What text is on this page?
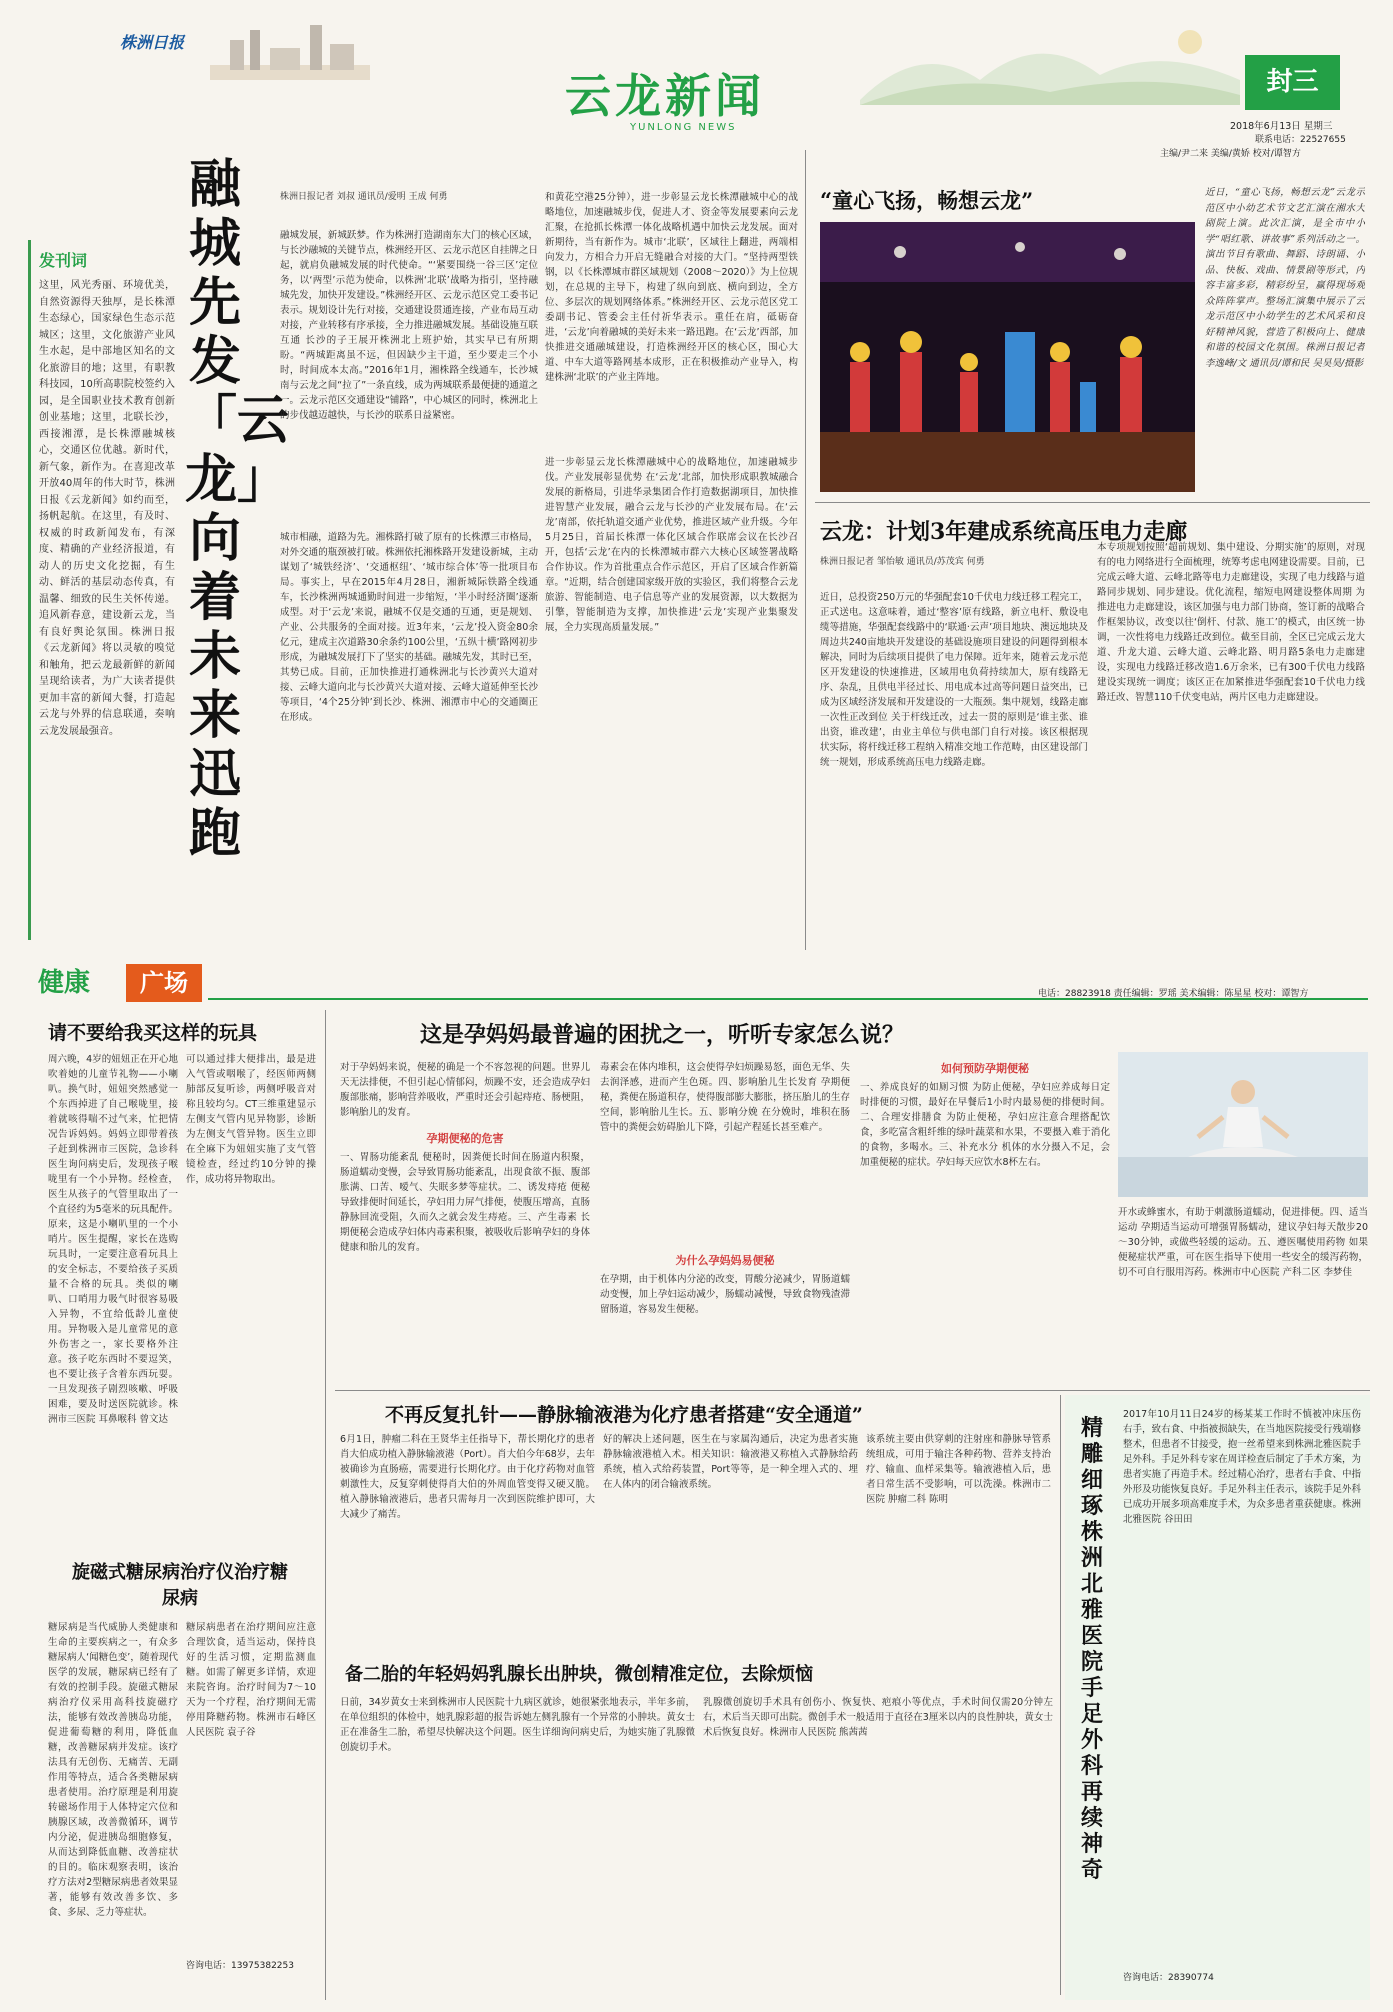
株洲日报
云龙新闻
YUNLONG NEWS
封三
2018年6月13日 星期三
联系电话：22527655
主编/尹二来 美编/黄娇 校对/谭智方
融城先发「云龙」向着未来迅跑
发刊词
这里，风光秀丽、环境优美，自然资源得天独厚，是长株潭生态绿心，国家绿色生态示范城区；这里，文化旅游产业风生水起，是中部地区知名的文化旅游目的地；这里，有职教科技园，10所高职院校签约入园，是全国职业技术教育创新创业基地；这里，北联长沙，西接湘潭，是长株潭融城核心，交通区位优越。新时代，新气象，新作为。在喜迎改革开放40周年的伟大时节，株洲日报《云龙新闻》如约而至，扬帆起航。在这里，有及时、权威的时政新闻发布，有深度、精确的产业经济报道，有动人的历史文化挖掘，有生动、鲜活的基层动态传真，有温馨、细致的民生关怀传递。追风新春意，建设新云龙，当有良好舆论氛围。株洲日报《云龙新闻》将以灵敏的嗅觉和触角，把云龙最新鲜的新闻呈现给读者，为广大读者提供更加丰富的新闻大餐，打造起云龙与外界的信息联通，奏响云龙发展最强音。
株洲日报记者 刘叔 通讯员/爱明 王成 何勇
融城发展，新城跃梦。作为株洲打造湖南东大门的核心区域，与长沙融城的关键节点，株洲经开区、云龙示范区自挂牌之日起，就肩负融城发展的时代使命。“‘紧要围绕一谷三区’定位务，以‘两型’示范为使命，以株洲‘北联’战略为指引，坚持融城先发，加快开发建设。”株洲经开区、云龙示范区党工委书记表示。规划设计先行对接，交通建设贯通连接，产业布局互动对接，产业转移有序承接，全力推进融城发展。基础设施互联互通 长沙的子王展开株洲北上班护始，其实早已有所期盼。“两城距离虽不远，但因缺少主干道，至少要走三个小时，时间成本太高。”2016年1月，湘株路全线通车，长沙城南与云龙之间“拉了”一条直线，成为两城联系最便捷的通道之一。云龙示范区交通建设“铺路”，中心城区的同时，株洲北上的步伐越迈越快，与长沙的联系日益紧密。
城市相融，道路为先。湘株路打破了原有的长株潭三市格局，对外交通的瓶颈被打破。株洲依托湘株路开发建设新城，主动谋划了‘城铁经济’、‘交通枢纽’、‘城市综合体’等一批项目布局。事实上，早在2015年4月28日，湘新城际铁路全线通车，长沙株洲两城通勤时间进一步缩短，‘半小时经济圈’逐渐成型。对于‘云龙’来说，融城不仅是交通的互通，更是规划、产业、公共服务的全面对接。近3年来，‘云龙’投入资金80余亿元，建成主次道路30余条约100公里，‘五纵十横’路网初步形成，为融城发展打下了坚实的基础。融城先发，其时已至，其势已成。目前，正加快推进打通株洲北与长沙黄兴大道对接、云峰大道向北与长沙黄兴大道对接、云峰大道延伸至长沙等项目，‘4个25分钟’到长沙、株洲、湘潭市中心的交通圈正在形成。
和黄花空港25分钟），进一步彰显云龙长株潭融城中心的战略地位，加速融城步伐，促进人才、资金等发展要素向云龙汇聚，在抢抓长株潭一体化战略机遇中加快云龙发展。面对新期待，当有新作为。城市‘北联’，区域往上翻进，两端相向发力，方相合力开启无缝融合对接的大门。“坚持两型铁钢，以《长株潭城市群区域规划（2008～2020）》为上位规划，在总规的主导下，构建了纵向到底、横向到边，全方位、多层次的规划网络体系。”株洲经开区、云龙示范区党工委副书记、管委会主任付祈华表示。重任在肩，砥砺奋进，‘云龙’向着融城的美好未来一路迅跑。在‘云龙’西部，加快推进交通融城建设，打造株洲经开区的核心区，围心大道、中车大道等路网基本成形，正在积极推动产业导入，构建株洲‘北联’的产业主阵地。
进一步彰显云龙长株潭融城中心的战略地位，加速融城步伐。产业发展彰显优势 在‘云龙’北部，加快形成职教城融合发展的新格局，引进华录集团合作打造数据湖项目，加快推进智慧产业发展，融合云龙与长沙的产业发展布局。在‘云龙’南部，依托轨道交通产业优势，推进区域产业升级。今年5月25日，首届长株潭一体化区域合作联席会议在长沙召开，包括‘云龙’在内的长株潭城市群六大核心区域签署战略合作协议。作为首批重点合作示范区，开启了区域合作新篇章。“近期，结合创建国家级开放的实验区，我们将整合云龙旅游、智能制造、电子信息等产业的发展资源，以大数据为引擎，智能制造为支撑，加快推进‘云龙’实现产业集聚发展，全力实现高质量发展。”
“童心飞扬，畅想云龙”	近日，“童心飞扬，畅想云龙”云龙示范区中小幼艺术节文艺汇演在湘水大剧院上演。此次汇演，是全市中小学“唱红歌、讲故事”系列活动之一。演出节目有歌曲、舞蹈、诗朗诵、小品、快板、戏曲、情景剧等形式，内容丰富多彩，精彩纷呈，赢得现场观众阵阵掌声。整场汇演集中展示了云龙示范区中小幼学生的艺术风采和良好精神风貌，营造了积极向上、健康和谐的校园文化氛围。株洲日报记者 李逸峰/文 通讯员/谭和民 吴昊昊/摄影
云龙：计划3年建成系统高压电力走廊
株洲日报记者 邹怡敏 通讯员/苏茂宾 何勇
近日，总投资250万元的华强配套10千伏电力线迁移工程完工，正式送电。这意味着，通过‘整容’原有线路，新立电杆、敷设电缆等措施，华强配套线路中的‘联通·云声’项目地块、澳远地块及周边共240亩地块开发建设的基础设施项目建设的问题得到根本解决，同时为后续项目提供了电力保障。近年来，随着云龙示范区开发建设的快速推进，区域用电负荷持续加大，原有线路无序、杂乱，且供电半径过长、用电成本过高等问题日益突出，已成为区域经济发展和开发建设的一大瓶颈。集中规划，线路走廊一次性正改到位 关于杆线迁改，过去一贯的原则是‘谁主张、谁出资，谁改建’，由业主单位与供电部门自行对接。该区根据现状实际，将杆线迁移工程纳入精准交地工作范畴，由区建设部门统一规划，形成系统高压电力线路走廊。
本专项规划按照‘超前规划、集中建设、分期实施’的原则，对现有的电力网络进行全面梳理，统筹考虑电网建设需要。目前，已完成云峰大道、云峰北路等电力走廊建设，实现了电力线路与道路同步规划、同步建设。优化流程，缩短电网建设整体周期 为推进电力走廊建设，该区加强与电力部门协商，签订新的战略合作框架协议，改变以往‘倒杆、付款、施工’的模式，由区统一协调，一次性将电力线路迁改到位。截至目前，全区已完成云龙大道、升龙大道、云峰大道、云峰北路、明月路5条电力走廊建设，实现电力线路迁移改造1.6万余米，已有300千伏电力线路建设实现统一调度；该区正在加紧推进华强配套10千伏电力线路迁改、智慧110千伏变电站，两片区电力走廊建设。
健康	广场	电话：28823918 责任编辑：罗瑶 美术编辑：陈星星 校对：谭智方
请不要给我买这样的玩具
周六晚，4岁的妞妞正在开心地吹着她的儿童节礼物——小喇叭。换气时，妞妞突然感觉一个东西掉进了自己喉咙里，接着就咳得喘不过气来，忙把情况告诉妈妈。妈妈立即带着孩子赶到株洲市三医院，急诊科医生询问病史后，发现孩子喉咙里有一个小异物。经检查，医生从孩子的气管里取出了一个直径约为5毫米的玩具配件。原来，这是小喇叭里的一个小哨片。医生提醒，家长在选购玩具时，一定要注意看玩具上的安全标志，不要给孩子买质量不合格的玩具。类似的喇叭、口哨用力吸气时很容易吸入异物，不宜给低龄儿童使用。异物吸入是儿童常见的意外伤害之一，家长要格外注意。孩子吃东西时不要逗笑，也不要让孩子含着东西玩耍。一旦发现孩子剧烈咳嗽、呼吸困难，要及时送医院就诊。株洲市三医院 耳鼻喉科 曾文达
可以通过排大便排出，最是进入气管或咽喉了，经医师两侧肺部反复听诊，两侧呼吸音对称且较均匀。CT三维重建显示左侧支气管内见异物影，诊断为左侧支气管异物。医生立即在全麻下为妞妞实施了支气管镜检查，经过约10分钟的操作，成功将异物取出。
这是孕妈妈最普遍的困扰之一，听听专家怎么说？
对于孕妈妈来说，便秘的确是一个不容忽视的问题。世界儿天无法排便，不但引起心情郁闷，烦躁不安，还会造成孕妇腹部胀痛，影响营养吸收，严重时还会引起痔疮、肠梗阻，影响胎儿的发育。
孕期便秘的危害
一、胃肠功能紊乱 便秘时，因粪便长时间在肠道内积聚，肠道蠕动变慢，会导致胃肠功能紊乱，出现食欲不振、腹部胀满、口苦、嗳气、失眠多梦等症状。二、诱发痔疮 便秘导致排便时间延长，孕妇用力屏气排便，使腹压增高，直肠静脉回流受阻，久而久之就会发生痔疮。三、产生毒素 长期便秘会造成孕妇体内毒素积聚，被吸收后影响孕妇的身体健康和胎儿的发育。
毒素会在体内堆积，这会使得孕妇烦躁易怒，面色无华、失去润泽感，进而产生色斑。四、影响胎儿生长发育 孕期便秘，粪便在肠道积存，使得腹部膨大膨胀，挤压胎儿的生存空间，影响胎儿生长。五、影响分娩 在分娩时，堆积在肠管中的粪便会妨碍胎儿下降，引起产程延长甚至难产。
为什么孕妈妈易便秘
在孕期，由于机体内分泌的改变，胃酸分泌减少，胃肠道蠕动变慢，加上孕妇运动减少，肠蠕动减慢，导致食物残渣滞留肠道，容易发生便秘。
如何预防孕期便秘
一、养成良好的如厕习惯 为防止便秘，孕妇应养成每日定时排便的习惯，最好在早餐后1小时内最易便的排便时间。二、合理安排膳食 为防止便秘，孕妇应注意合理搭配饮食，多吃富含粗纤维的绿叶蔬菜和水果，不要摄入难于消化的食物，多喝水。三、补充水分 机体的水分摄入不足，会加重便秘的症状。孕妇每天应饮水8杯左右。
开水或蜂蜜水，有助于刺激肠道蠕动，促进排便。四、适当运动 孕期适当运动可增强胃肠蠕动，建议孕妇每天散步20～30分钟，或做些轻缓的运动。五、遵医嘱使用药物 如果便秘症状严重，可在医生指导下使用一些安全的缓泻药物，切不可自行服用泻药。株洲市中心医院 产科二区 李梦佳
旋磁式糖尿病治疗仪治疗糖尿病
糖尿病是当代威胁人类健康和生命的主要疾病之一，有众多糖尿病人‘闻糖色变’，随着现代医学的发展，糖尿病已经有了有效的控制手段。旋磁式糖尿病治疗仪采用高科技旋磁疗法，能够有效改善胰岛功能，促进葡萄糖的利用，降低血糖，改善糖尿病并发症。该疗法具有无创伤、无痛苦、无副作用等特点，适合各类糖尿病患者使用。治疗原理是利用旋转磁场作用于人体特定穴位和胰腺区域，改善微循环，调节内分泌，促进胰岛细胞修复，从而达到降低血糖、改善症状的目的。临床观察表明，该治疗方法对2型糖尿病患者效果显著，能够有效改善多饮、多食、多尿、乏力等症状。
糖尿病患者在治疗期间应注意合理饮食，适当运动，保持良好的生活习惯，定期监测血糖。如需了解更多详情，欢迎来院咨询。治疗时间为7～10天为一个疗程，治疗期间无需停用降糖药物。株洲市石峰区人民医院 袁子谷
咨询电话：13975382253
不再反复扎针——静脉输液港为化疗患者搭建“安全通道”
6月1日，肿瘤二科在王贤华主任指导下，帮长期化疗的患者肖大伯成功植入静脉输液港（Port）。肖大伯今年68岁，去年被确诊为直肠癌，需要进行长期化疗。由于化疗药物对血管刺激性大，反复穿刺使得肖大伯的外周血管变得又硬又脆。植入静脉输液港后，患者只需每月一次到医院维护即可，大大减少了痛苦。
好的解决上述问题，医生在与家属沟通后，决定为患者实施静脉输液港植入术。相关知识：输液港又称植入式静脉给药系统，植入式给药装置，Port等等，是一种全埋入式的、埋在人体内的闭合输液系统。
该系统主要由供穿刺的注射座和静脉导管系统组成，可用于输注各种药物、营养支持治疗、输血、血样采集等。输液港植入后，患者日常生活不受影响，可以洗澡。株洲市二医院 肿瘤二科 陈明
备二胎的年轻妈妈乳腺长出肿块，微创精准定位，去除烦恼
日前，34岁黄女士来到株洲市人民医院十九病区就诊，她很紧张地表示，半年多前，在单位组织的体检中，她乳腺彩超的报告诉她左侧乳腺有一个异常的小肿块。黄女士正在准备生二胎，希望尽快解决这个问题。医生详细询问病史后，为她实施了乳腺微创旋切手术。
乳腺微创旋切手术具有创伤小、恢复快、疤痕小等优点，手术时间仅需20分钟左右，术后当天即可出院。微创手术一般适用于直径在3厘米以内的良性肿块，黄女士术后恢复良好。株洲市人民医院 熊茜茜
精雕细琢 株洲北雅医院手足外科再续神奇
2017年10月11日24岁的杨某某工作时不慎被冲床压伤右手，致右食、中指被损缺失，在当地医院接受行残端修整术，但患者不甘接受，抱一丝希望来到株洲北雅医院手足外科。手足外科专家在周详检查后制定了手术方案，为患者实施了再造手术。经过精心治疗，患者右手食、中指外形及功能恢复良好。手足外科主任表示，该院手足外科已成功开展多项高难度手术，为众多患者重获健康。株洲北雅医院 谷田田
咨询电话：28390774
